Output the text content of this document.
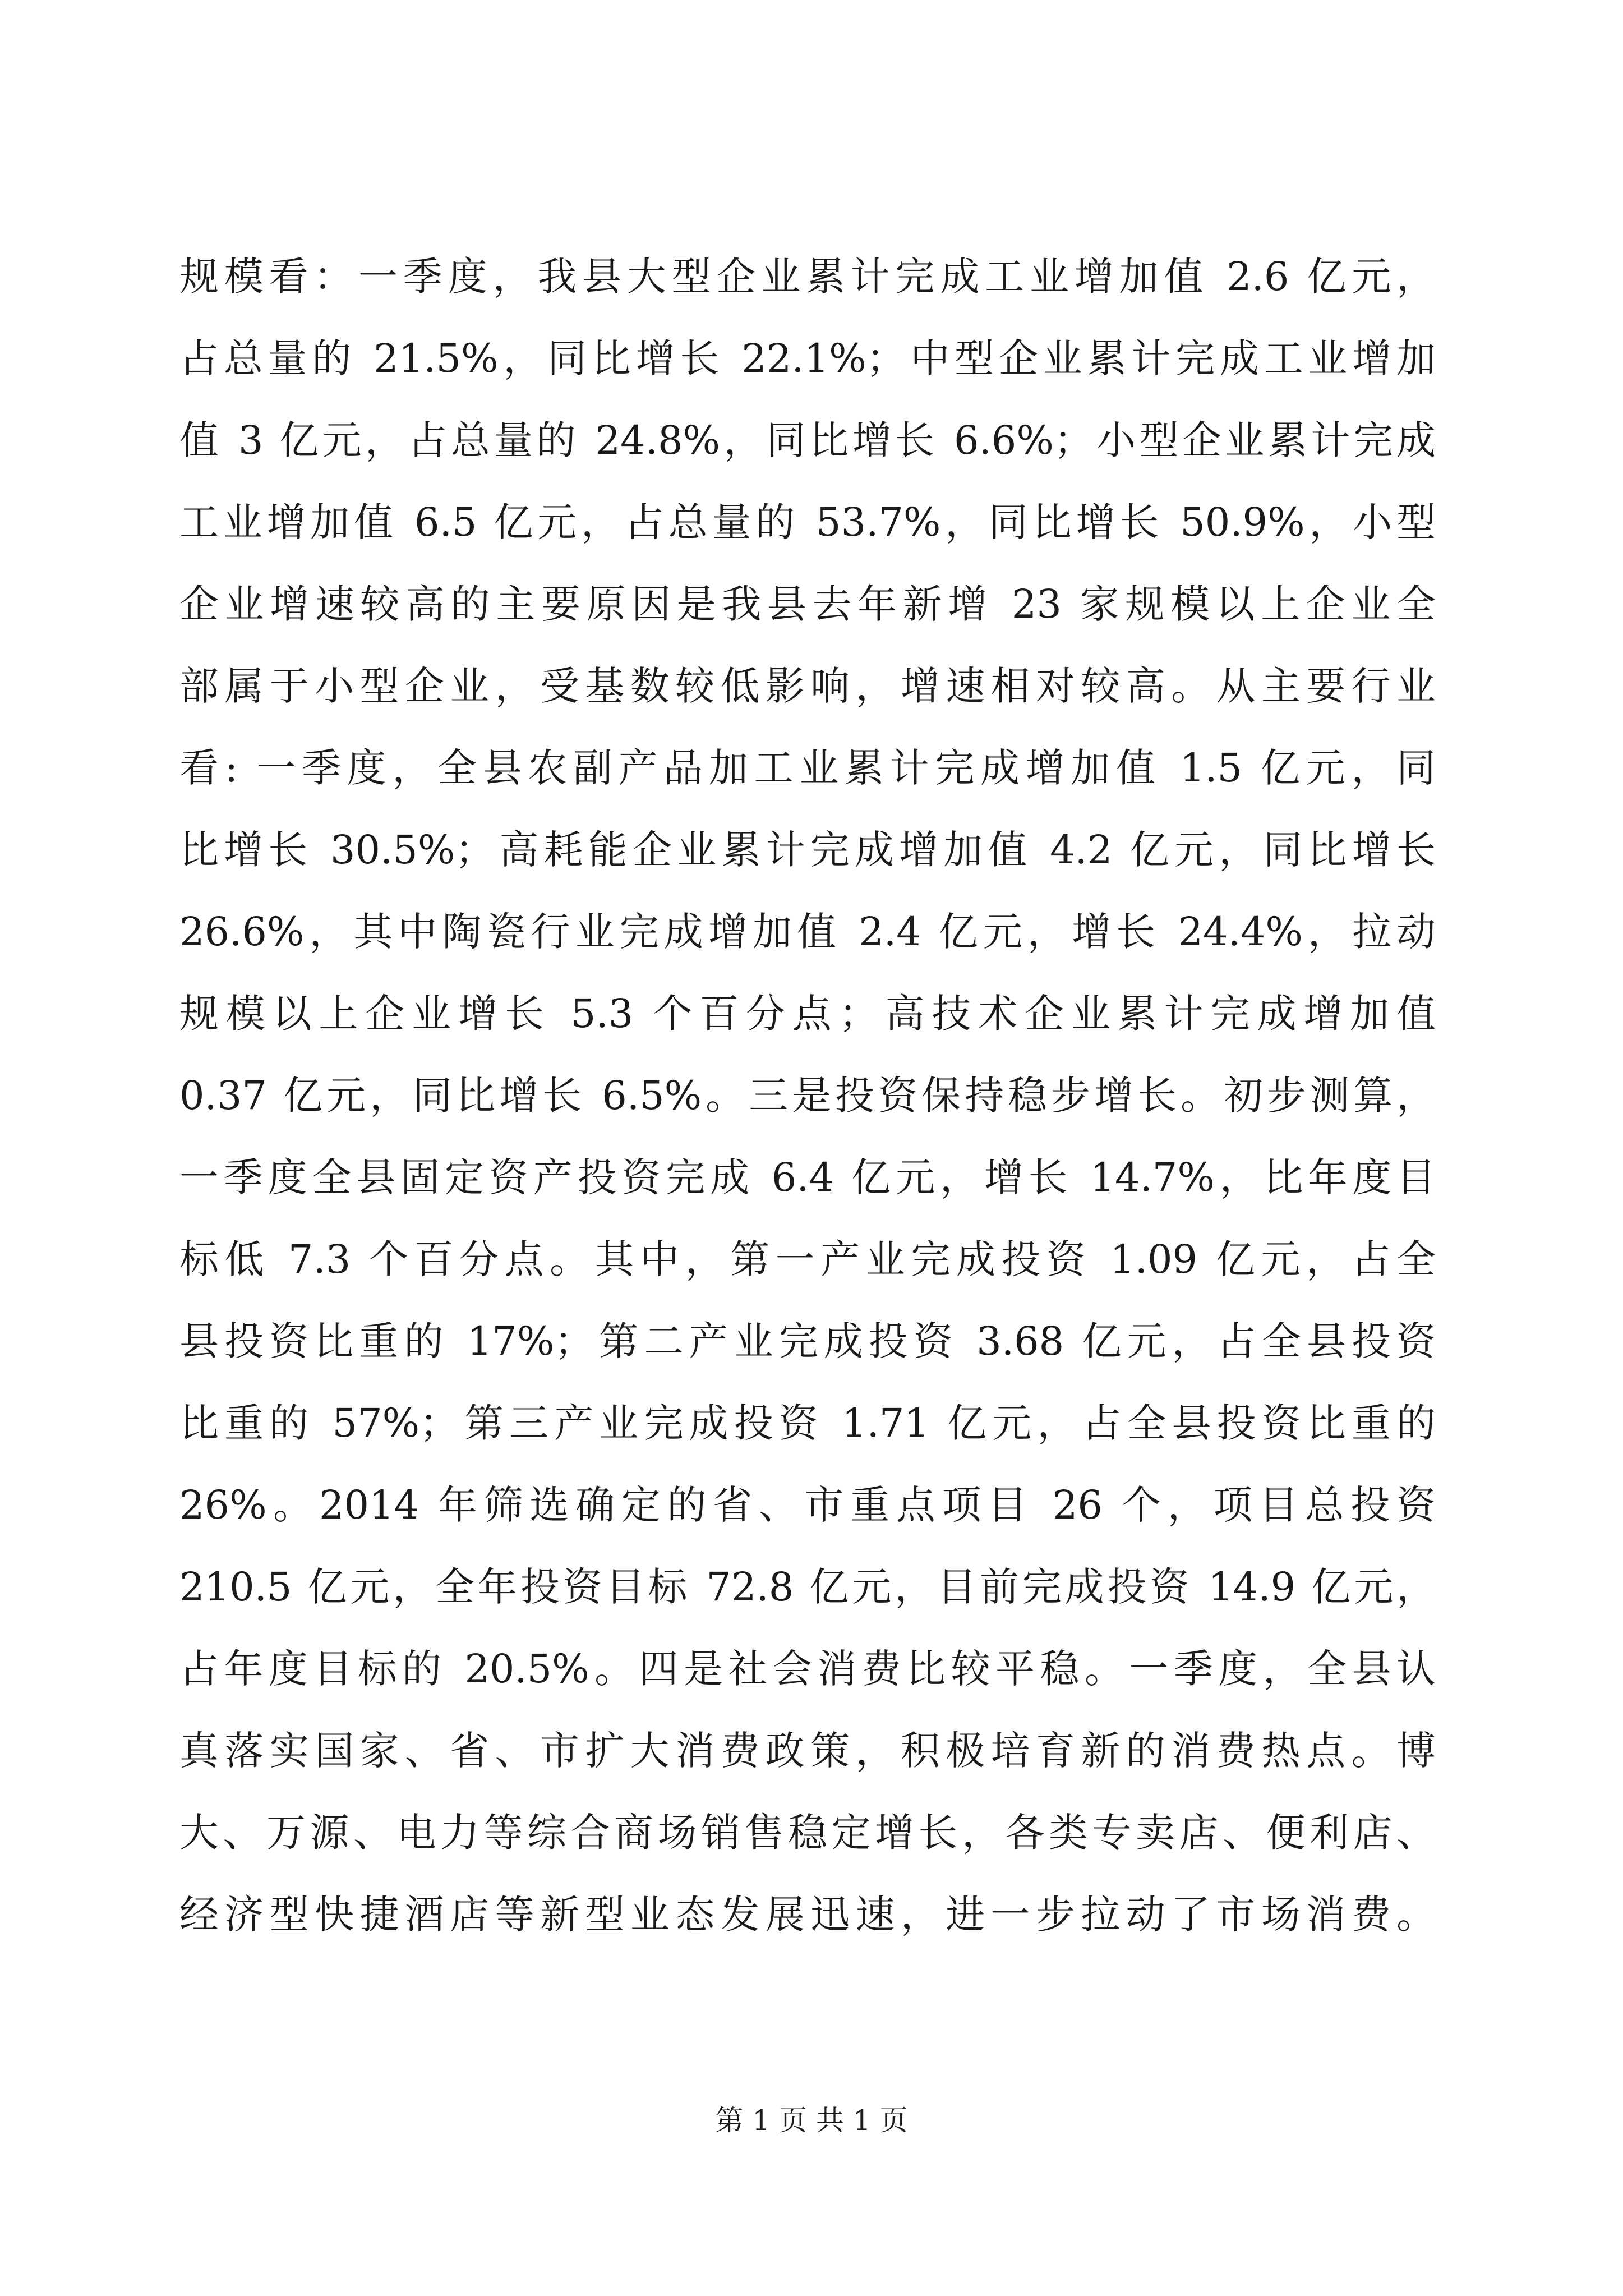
规模看：一季度，我县大型企业累计完成工业增加值 2.6 亿元，
占总量的 21.5%，同比增长 22.1%；中型企业累计完成工业增加
值 3 亿元，占总量的 24.8%，同比增长 6.6%；小型企业累计完成
工业增加值 6.5 亿元，占总量的 53.7%，同比增长 50.9%，小型
企业增速较高的主要原因是我县去年新增 23 家规模以上企业全
部属于小型企业，受基数较低影响，增速相对较高。从主要行业
看: 一季度，全县农副产品加工业累计完成增加值 1.5 亿元，同
比增长 30.5%；高耗能企业累计完成增加值 4.2 亿元，同比增长
26.6%，其中陶瓷行业完成增加值 2.4 亿元，增长 24.4%，拉动
规模以上企业增长 5.3 个百分点；高技术企业累计完成增加值
0.37 亿元，同比增长 6.5%。三是投资保持稳步增长。初步测算，
一季度全县固定资产投资完成 6.4 亿元，增长 14.7%，比年度目
标低 7.3 个百分点。其中，第一产业完成投资 1.09 亿元，占全
县投资比重的 17%；第二产业完成投资 3.68 亿元，占全县投资
比重的 57%；第三产业完成投资 1.71 亿元，占全县投资比重的
26%。2014 年筛选确定的省、市重点项目 26 个，项目总投资
210.5 亿元，全年投资目标 72.8 亿元，目前完成投资 14.9 亿元，
占年度目标的 20.5%。四是社会消费比较平稳。一季度，全县认
真落实国家、省、市扩大消费政策，积极培育新的消费热点。博
大、万源、电力等综合商场销售稳定增长，各类专卖店、便利店、
经济型快捷酒店等新型业态发展迅速，进一步拉动了市场消费。
第 1 页 共 1 页
